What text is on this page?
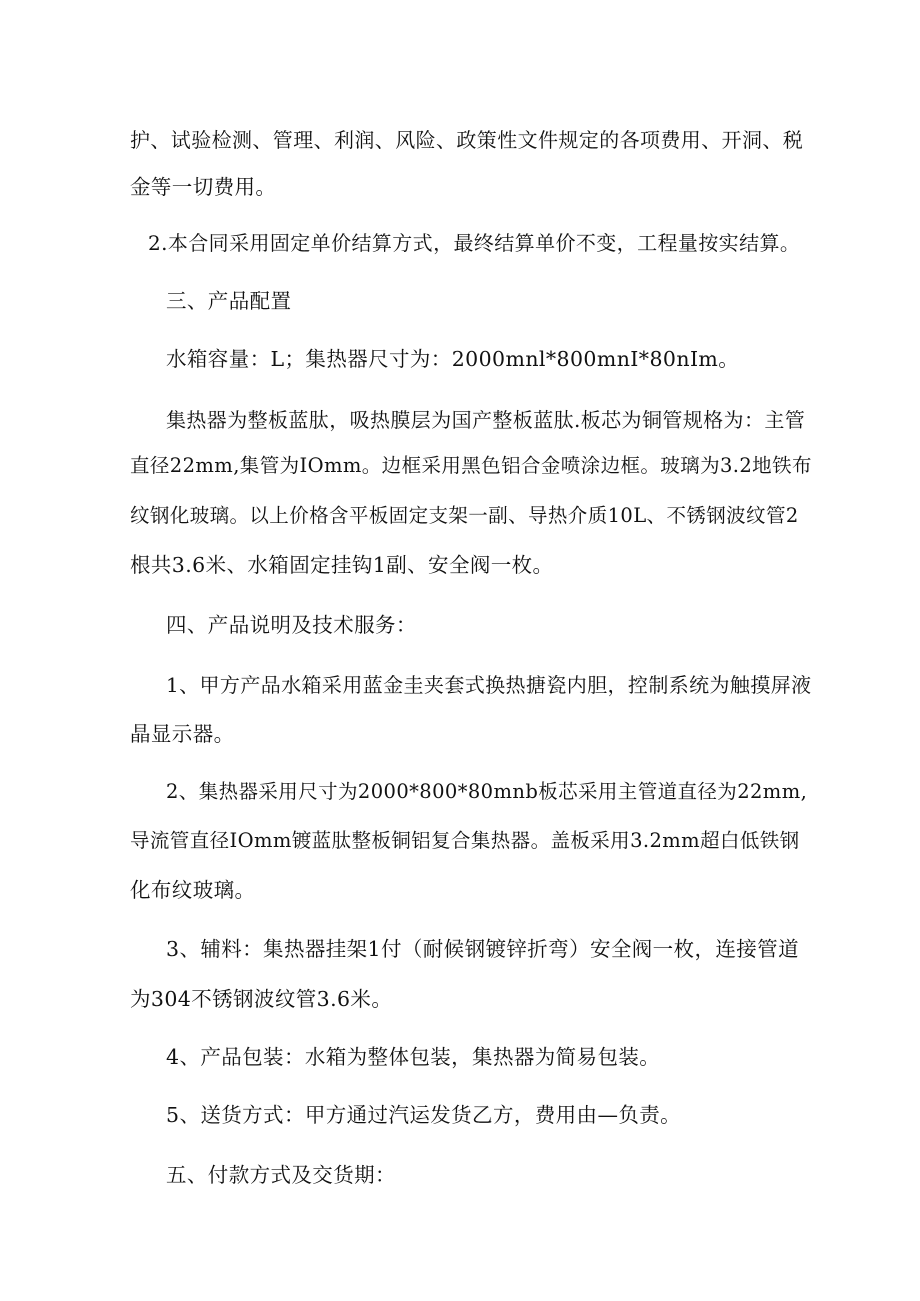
护、试验检测、管理、利润、风险、政策性文件规定的各项费用、开洞、税
金等一切费用。
2.本合同采用固定单价结算方式，最终结算单价不变，工程量按实结算。
三、产品配置
水箱容量：L；集热器尺寸为：2000mnl*800mnI*80nIm。
集热器为整板蓝肽，吸热膜层为国产整板蓝肽.板芯为铜管规格为：主管
直径22mm,集管为IOmm。边框采用黑色铝合金喷涂边框。玻璃为3.2地铁布
纹钢化玻璃。以上价格含平板固定支架一副、导热介质10L、不锈钢波纹管2
根共3.6米、水箱固定挂钩1副、安全阀一枚。
四、产品说明及技术服务：
1、甲方产品水箱采用蓝金圭夹套式换热搪瓷内胆，控制系统为触摸屏液
晶显示器。
2、集热器采用尺寸为2000*800*80mnb板芯采用主管道直径为22mm,
导流管直径IOmm镀蓝肽整板铜铝复合集热器。盖板采用3.2mm超白低铁钢
化布纹玻璃。
3、辅料：集热器挂架1付（耐候钢镀锌折弯）安全阀一枚，连接管道
为304不锈钢波纹管3.6米。
4、产品包装：水箱为整体包装，集热器为简易包装。
5、送货方式：甲方通过汽运发货乙方，费用由—负责。
五、付款方式及交货期：
